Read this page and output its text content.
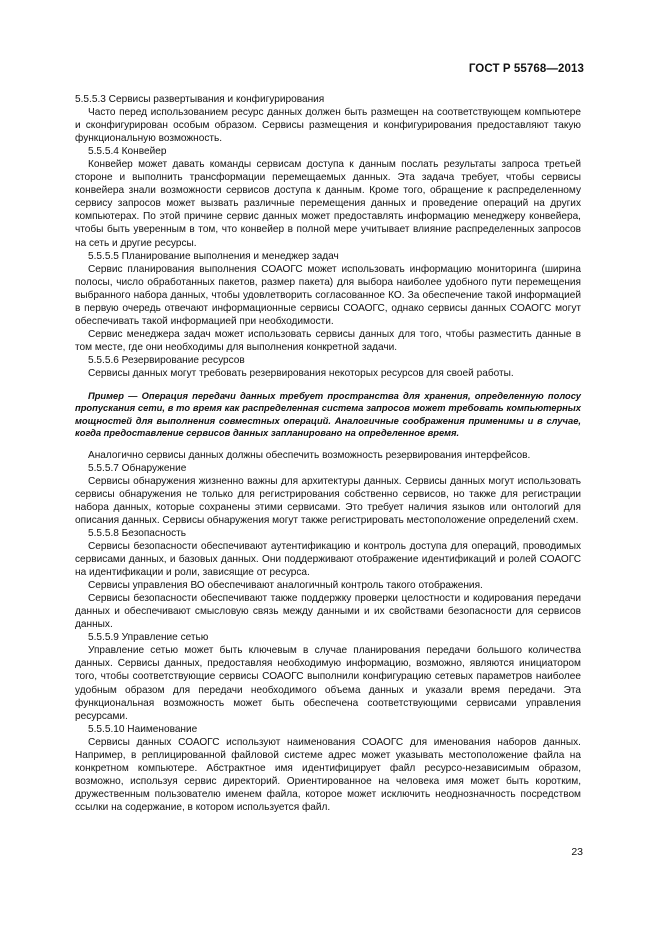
ГОСТ Р 55768—2013

5.5.5.3 Сервисы развертывания и конфигурирования

Часто перед использованием ресурс данных должен быть размещен на соответствующем компьютере и сконфигурирован особым образом. Сервисы размещения и конфигурирования предоставляют такую функциональную возможность.

5.5.5.4 Конвейер

Конвейер может давать команды сервисам доступа к данным послать результаты запроса третьей стороне и выполнить трансформации перемещаемых данных. Эта задача требует, чтобы сервисы конвейера знали возможности сервисов доступа к данным. Кроме того, обращение к распределенному сервису запросов может вызвать различные перемещения данных и проведение операций на других компьютерах. По этой причине сервис данных может предоставлять информацию менеджеру конвейера, чтобы быть уверенным в том, что конвейер в полной мере учитывает влияние распределенных запросов на сеть и другие ресурсы.

5.5.5.5 Планирование выполнения и менеджер задач

Сервис планирования выполнения СОАОГС может использовать информацию мониторинга (ширина полосы, число обработанных пакетов, размер пакета) для выбора наиболее удобного пути перемещения выбранного набора данных, чтобы удовлетворить согласованное КО. За обеспечение такой информацией в первую очередь отвечают информационные сервисы СОАОГС, однако сервисы данных СОАОГС могут обеспечивать такой информацией при необходимости.

Сервис менеджера задач может использовать сервисы данных для того, чтобы разместить данные в том месте, где они необходимы для выполнения конкретной задачи.

5.5.5.6 Резервирование ресурсов

Сервисы данных могут требовать резервирования некоторых ресурсов для своей работы.

Пример — Операция передачи данных требует пространства для хранения, определенную полосу пропускания сети, в то время как распределенная система запросов может требовать компьютерных мощностей для выполнения совместных операций. Аналогичные соображения применимы и в случае, когда предоставление сервисов данных запланировано на определенное время.

Аналогично сервисы данных должны обеспечить возможность резервирования интерфейсов.

5.5.5.7 Обнаружение

Сервисы обнаружения жизненно важны для архитектуры данных. Сервисы данных могут использовать сервисы обнаружения не только для регистрирования собственно сервисов, но также для регистрации набора данных, которые сохранены этими сервисами. Это требует наличия языков или онтологий для описания данных. Сервисы обнаружения могут также регистрировать местоположение определений схем.

5.5.5.8 Безопасность

Сервисы безопасности обеспечивают аутентификацию и контроль доступа для операций, проводимых сервисами данных, и базовых данных. Они поддерживают отображение идентификаций и ролей СОАОГС на идентификации и роли, зависящие от ресурса.

Сервисы управления ВО обеспечивают аналогичный контроль такого отображения.

Сервисы безопасности обеспечивают также поддержку проверки целостности и кодирования передачи данных и обеспечивают смысловую связь между данными и их свойствами безопасности для сервисов данных.

5.5.5.9 Управление сетью

Управление сетью может быть ключевым в случае планирования передачи большого количества данных. Сервисы данных, предоставляя необходимую информацию, возможно, являются инициатором того, чтобы соответствующие сервисы СОАОГС выполнили конфигурацию сетевых параметров наиболее удобным образом для передачи необходимого объема данных и указали время передачи. Эта функциональная возможность может быть обеспечена соответствующими сервисами управления ресурсами.

5.5.5.10 Наименование

Сервисы данных СОАОГС используют наименования СОАОГС для именования наборов данных. Например, в реплицированной файловой системе адрес может указывать местоположение файла на конкретном компьютере. Абстрактное имя идентифицирует файл ресурсо-независимым образом, возможно, используя сервис директорий. Ориентированное на человека имя может быть коротким, дружественным пользователю именем файла, которое может исключить неоднозначность посредством ссылки на содержание, в котором используется файл.

23
